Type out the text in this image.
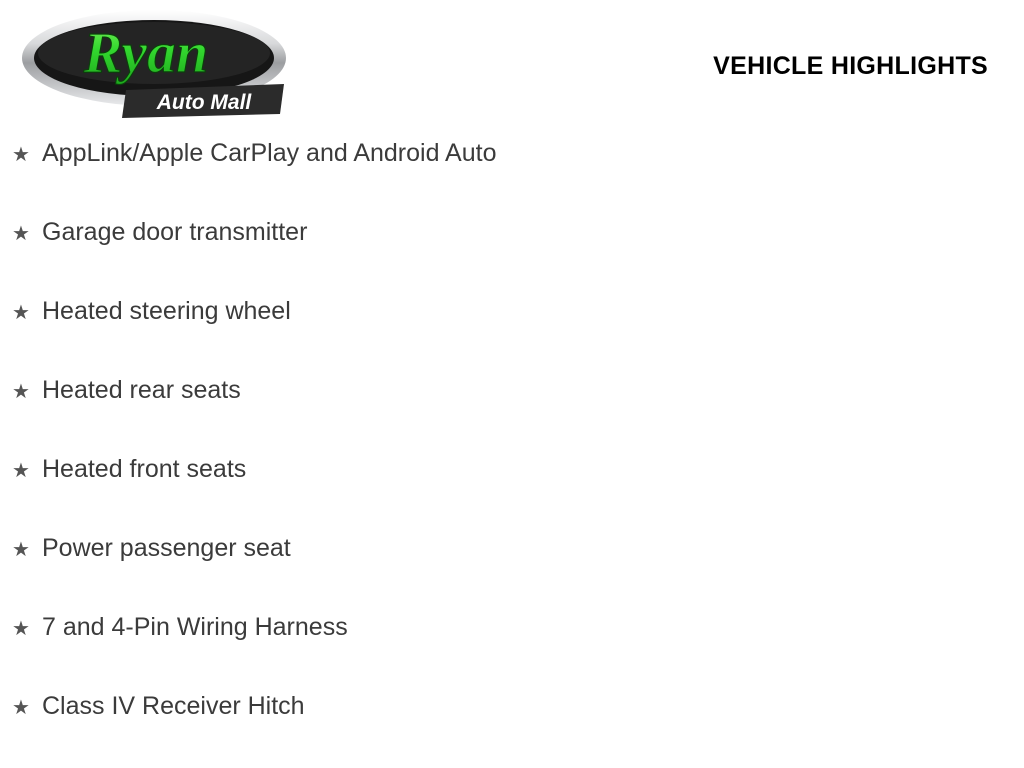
Ryan
Auto Mall
VEHICLE HIGHLIGHTS
★ AppLink/Apple CarPlay and Android Auto
★ Garage door transmitter
★ Heated steering wheel
★ Heated rear seats
★ Heated front seats
★ Power passenger seat
★ 7 and 4-Pin Wiring Harness
★ Class IV Receiver Hitch
